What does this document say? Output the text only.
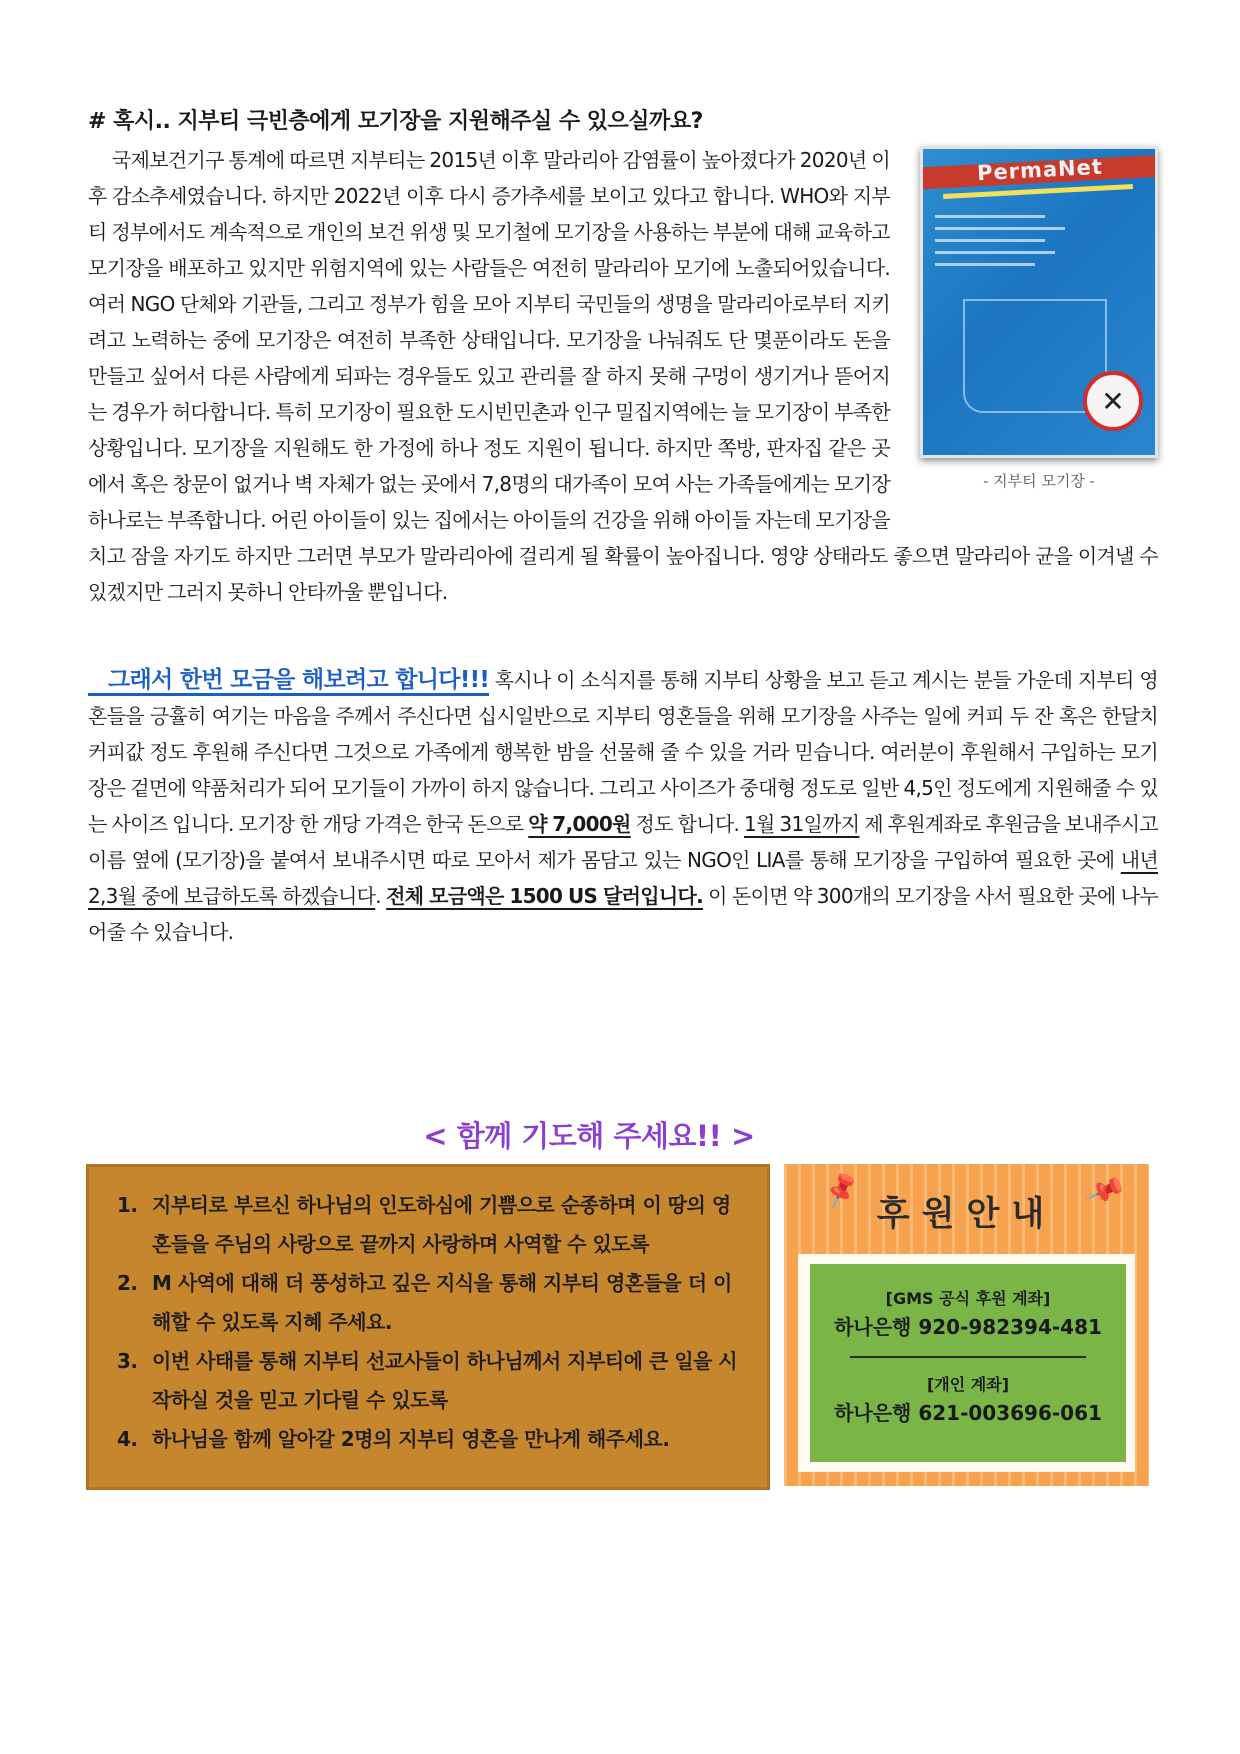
# 혹시.. 지부티 극빈층에게 모기장을 지원해주실 수 있으실까요?
PermaNet
✕
- 지부티 모기장 -

국제보건기구 통계에 따르면 지부티는 2015년 이후 말라리아 감염률이 높아졌다가 2020년 이후 감소추세였습니다. 하지만 2022년 이후 다시 증가추세를 보이고 있다고 합니다. WHO와 지부티 정부에서도 계속적으로 개인의 보건 위생 및 모기철에 모기장을 사용하는 부분에 대해 교육하고 모기장을 배포하고 있지만 위험지역에 있는 사람들은 여전히 말라리아 모기에 노출되어있습니다. 여러 NGO 단체와 기관들, 그리고 정부가 힘을 모아 지부티 국민들의 생명을 말라리아로부터 지키려고 노력하는 중에 모기장은 여전히 부족한 상태입니다. 모기장을 나눠줘도 단 몇푼이라도 돈을 만들고 싶어서 다른 사람에게 되파는 경우들도 있고 관리를 잘 하지 못해 구멍이 생기거나 뜯어지는 경우가 허다합니다. 특히 모기장이 필요한 도시빈민촌과 인구 밀집지역에는 늘 모기장이 부족한 상황입니다. 모기장을 지원해도 한 가정에 하나 정도 지원이 됩니다. 하지만 쪽방, 판자집 같은 곳에서 혹은 창문이 없거나 벽 자체가 없는 곳에서 7,8명의 대가족이 모여 사는 가족들에게는 모기장 하나로는 부족합니다. 어린 아이들이 있는 집에서는 아이들의 건강을 위해 아이들 자는데 모기장을 치고 잠을 자기도 하지만 그러면 부모가 말라리아에 걸리게 될 확률이 높아집니다. 영양 상태라도 좋으면 말라리아 균을 이겨낼 수 있겠지만 그러지 못하니 안타까울 뿐입니다.

그래서 한번 모금을 해보려고 합니다!!! 혹시나 이 소식지를 통해 지부티 상황을 보고 듣고 계시는 분들 가운데 지부티 영혼들을 긍휼히 여기는 마음을 주께서 주신다면 십시일반으로 지부티 영혼들을 위해 모기장을 사주는 일에 커피 두 잔 혹은 한달치 커피값 정도 후원해 주신다면 그것으로 가족에게 행복한 밤을 선물해 줄 수 있을 거라 믿습니다. 여러분이 후원해서 구입하는 모기장은 겉면에 약품처리가 되어 모기들이 가까이 하지 않습니다. 그리고 사이즈가 중대형 정도로 일반 4,5인 정도에게 지원해줄 수 있는 사이즈 입니다. 모기장 한 개당 가격은 한국 돈으로 약 7,000원 정도 합니다. 1월 31일까지 제 후원계좌로 후원금을 보내주시고 이름 옆에 (모기장)을 붙여서 보내주시면 따로 모아서 제가 몸담고 있는 NGO인 LIA를 통해 모기장을 구입하여 필요한 곳에 내년 2,3월 중에 보급하도록 하겠습니다. 전체 모금액은 1500 US 달러입니다. 이 돈이면 약 300개의 모기장을 사서 필요한 곳에 나누어줄 수 있습니다.

< 함께 기도해 주세요!! >
1. 지부티로 부르신 하나님의 인도하심에 기쁨으로 순종하며 이 땅의 영혼들을 주님의 사랑으로 끝까지 사랑하며 사역할 수 있도록
2. M 사역에 대해 더 풍성하고 깊은 지식을 통해 지부티 영혼들을 더 이해할 수 있도록 지혜 주세요.
3. 이번 사태를 통해 지부티 선교사들이 하나님께서 지부티에 큰 일을 시작하실 것을 믿고 기다릴 수 있도록
4. 하나님을 함께 알아갈 2명의 지부티 영혼을 만나게 해주세요.
📌	📌
후원안내
[GMS 공식 후원 계좌]
하나은행 920-982394-481
[개인 계좌]
하나은행 621-003696-061
